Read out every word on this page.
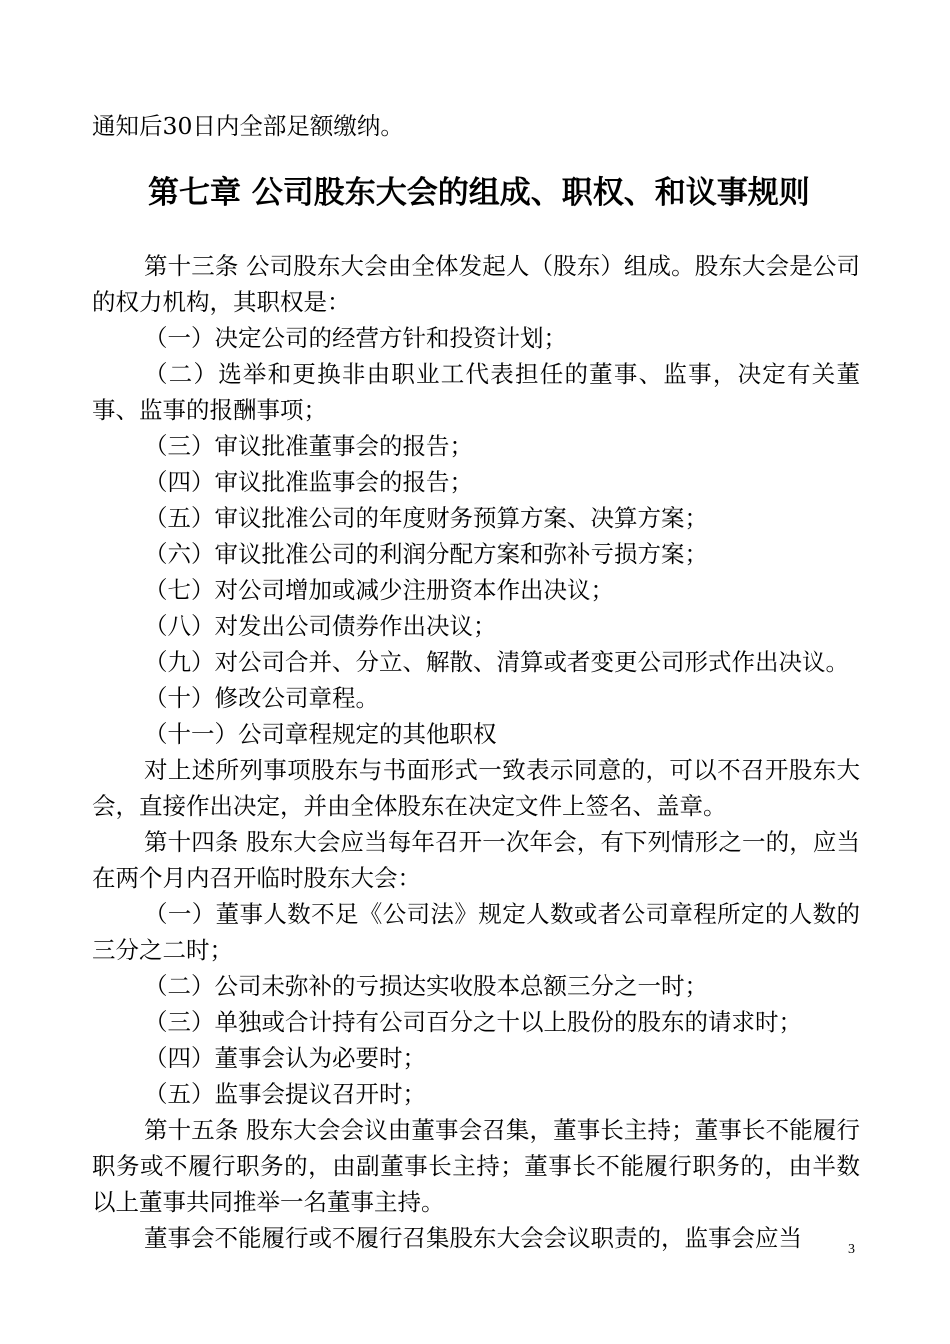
通知后30日内全部足额缴纳。

第七章 公司股东大会的组成、职权、和议事规则

第十三条 公司股东大会由全体发起人（股东）组成。股东大会是公司的权力机构，其职权是：

（一）决定公司的经营方针和投资计划；

（二）选举和更换非由职业工代表担任的董事、监事，决定有关董事、监事的报酬事项；

（三）审议批准董事会的报告；

（四）审议批准监事会的报告；

（五）审议批准公司的年度财务预算方案、决算方案；

（六）审议批准公司的利润分配方案和弥补亏损方案；

（七）对公司增加或减少注册资本作出决议；

（八）对发出公司债券作出决议；

（九）对公司合并、分立、解散、清算或者变更公司形式作出决议。

（十）修改公司章程。

（十一）公司章程规定的其他职权

对上述所列事项股东与书面形式一致表示同意的，可以不召开股东大会，直接作出决定，并由全体股东在决定文件上签名、盖章。

第十四条 股东大会应当每年召开一次年会，有下列情形之一的，应当在两个月内召开临时股东大会：

（一）董事人数不足《公司法》规定人数或者公司章程所定的人数的三分之二时；

（二）公司未弥补的亏损达实收股本总额三分之一时；

（三）单独或合计持有公司百分之十以上股份的股东的请求时；

（四）董事会认为必要时；

（五）监事会提议召开时；

第十五条 股东大会会议由董事会召集，董事长主持；董事长不能履行职务或不履行职务的，由副董事长主持；董事长不能履行职务的，由半数以上董事共同推举一名董事主持。

董事会不能履行或不履行召集股东大会会议职责的，监事会应当	3
